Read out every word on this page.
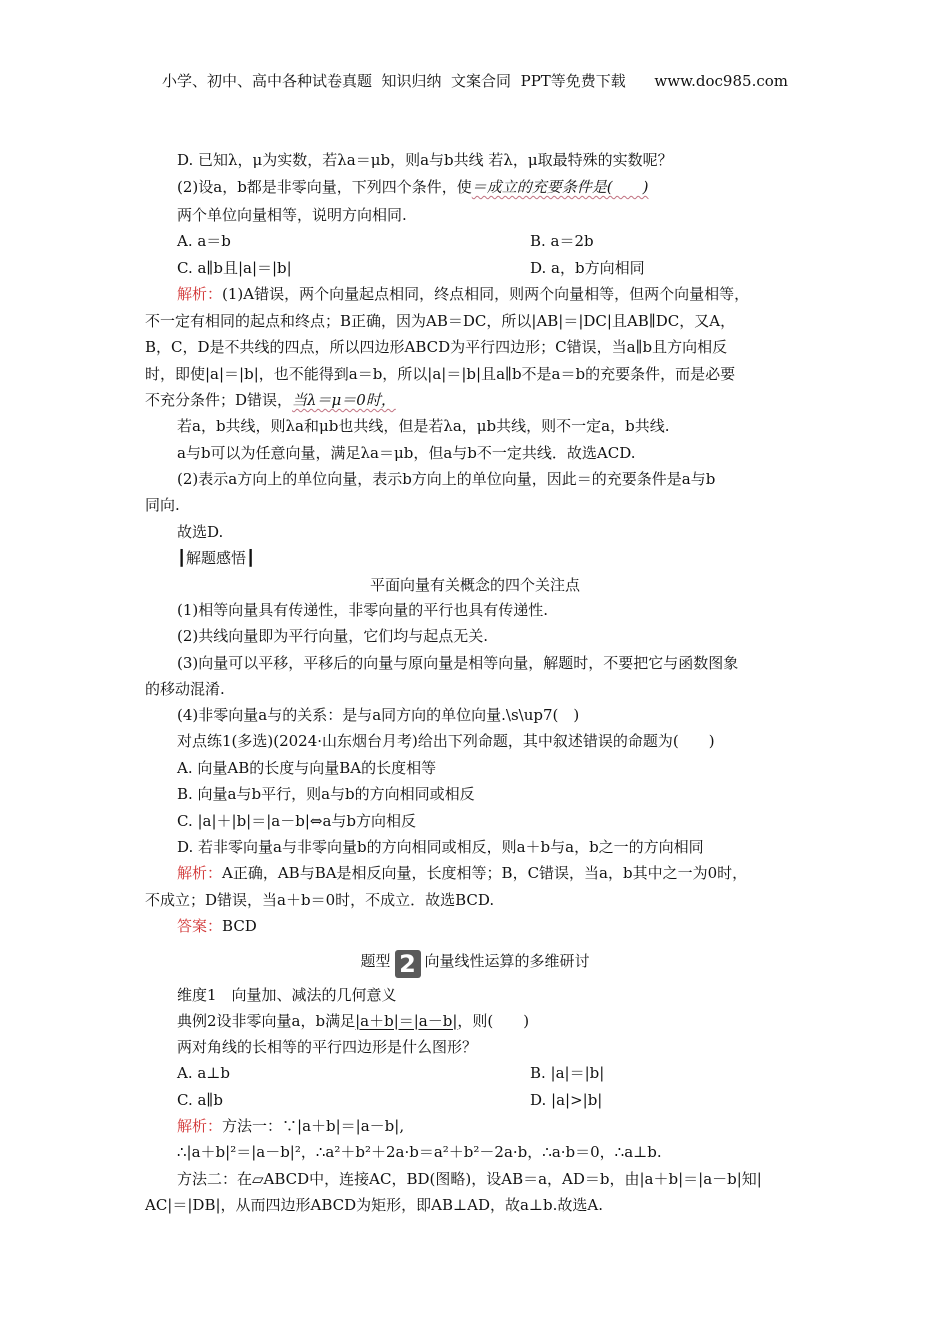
小学、初中、高中各种试卷真题  知识归纳  文案合同  PPT等免费下载      www.doc985.com
D. 已知λ，μ为实数，若λa＝μb，则a与b共线 若λ，μ取最特殊的实数呢？
(2)设a，b都是非零向量，下列四个条件，使＝成立的充要条件是(　　)
两个单位向量相等，说明方向相同.
A. a＝b	B. a＝2b
C. a∥b且|a|＝|b|	D. a，b方向相同
解析：(1)A错误，两个向量起点相同，终点相同，则两个向量相等，但两个向量相等，
不一定有相同的起点和终点；B正确，因为AB＝DC，所以|AB|＝|DC|且AB∥DC，又A，
B，C，D是不共线的四点，所以四边形ABCD为平行四边形；C错误，当a∥b且方向相反
时，即使|a|＝|b|，也不能得到a＝b，所以|a|＝|b|且a∥b不是a＝b的充要条件，而是必要
不充分条件；D错误，当λ＝μ＝0时，
若a，b共线，则λa和μb也共线，但是若λa，μb共线，则不一定a，b共线.
a与b可以为任意向量，满足λa＝μb，但a与b不一定共线．故选ACD.
(2)表示a方向上的单位向量，表示b方向上的单位向量，因此＝的充要条件是a与b
同向.
故选D.
┃解题感悟┃
平面向量有关概念的四个关注点
(1)相等向量具有传递性，非零向量的平行也具有传递性.
(2)共线向量即为平行向量，它们均与起点无关.
(3)向量可以平移，平移后的向量与原向量是相等向量，解题时，不要把它与函数图象
的移动混淆.
(4)非零向量a与的关系：是与a同方向的单位向量.\s\up7(　)
对点练1(多选)(2024·山东烟台月考)给出下列命题，其中叙述错误的命题为(　　)
A. 向量AB的长度与向量BA的长度相等
B. 向量a与b平行，则a与b的方向相同或相反
C. |a|＋|b|＝|a－b|⇔a与b方向相反
D. 若非零向量a与非零向量b的方向相同或相反，则a＋b与a，b之一的方向相同
解析：A正确，AB与BA是相反向量，长度相等；B，C错误，当a，b其中之一为0时，
不成立；D错误，当a＋b＝0时，不成立．故选BCD.
答案：BCD
题型 2 向量线性运算的多维研讨
维度1　向量加、减法的几何意义
典例2设非零向量a，b满足|a＋b|＝|a－b|，则(　　)
两对角线的长相等的平行四边形是什么图形？
A. a⊥b	B. |a|＝|b|
C. a∥b	D. |a|>|b|
解析：方法一：∵|a＋b|＝|a－b|,
∴|a＋b|²＝|a－b|²，∴a²＋b²＋2a·b＝a²＋b²－2a·b，∴a·b＝0，∴a⊥b.
方法二：在▱ABCD中，连接AC，BD(图略)，设AB＝a，AD＝b，由|a＋b|＝|a－b|知|
AC|＝|DB|，从而四边形ABCD为矩形，即AB⊥AD，故a⊥b.故选A.
